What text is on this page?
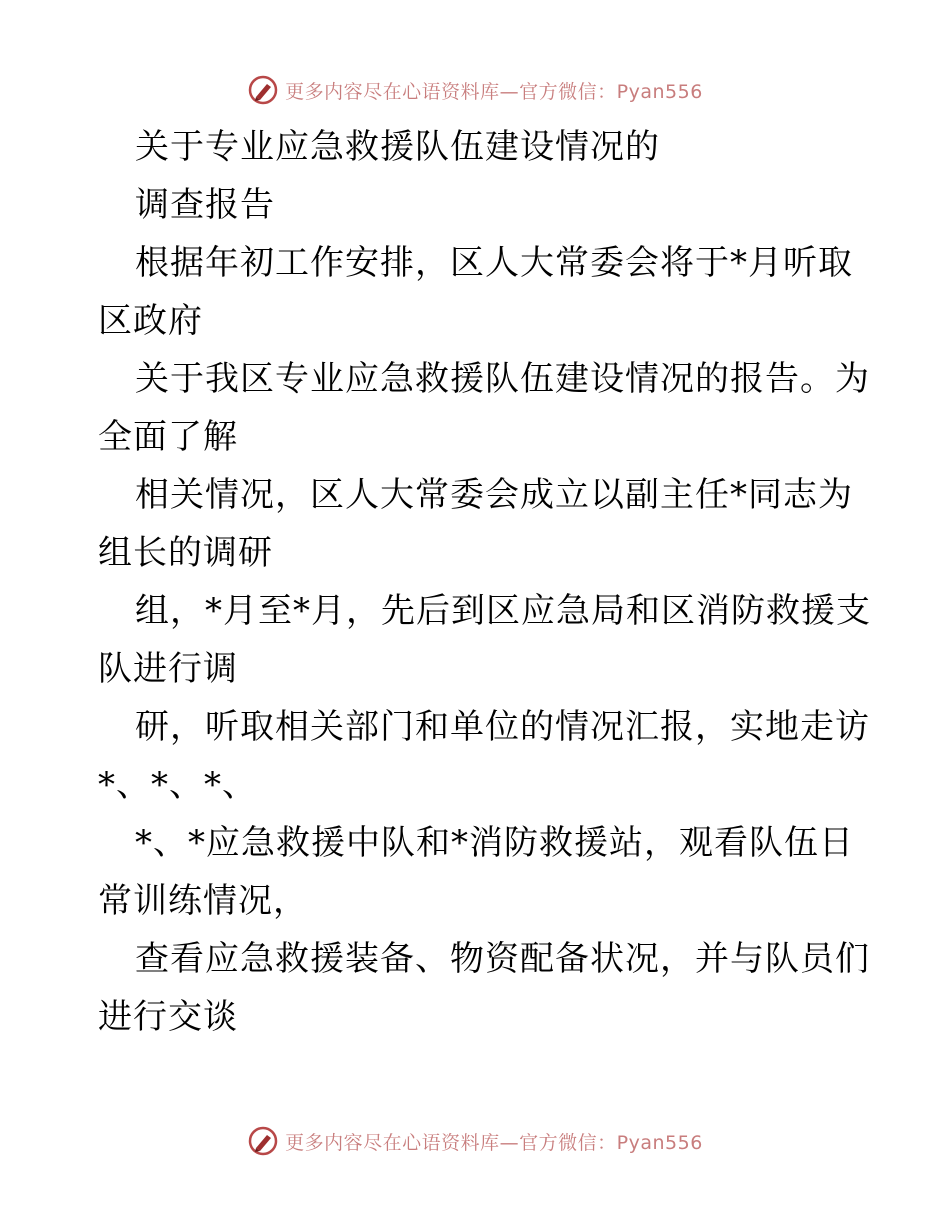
更多内容尽在心语资料库—官方微信：Pyan556

关于专业应急救援队伍建设情况的

调查报告

根据年初工作安排，区人大常委会将于*月听取

区政府

关于我区专业应急救援队伍建设情况的报告。为

全面了解

相关情况，区人大常委会成立以副主任*同志为

组长的调研

组，*月至*月，先后到区应急局和区消防救援支

队进行调

研，听取相关部门和单位的情况汇报，实地走访

*、*、*、

*、*应急救援中队和*消防救援站，观看队伍日

常训练情况，

查看应急救援装备、物资配备状况，并与队员们

进行交谈

更多内容尽在心语资料库—官方微信：Pyan556
